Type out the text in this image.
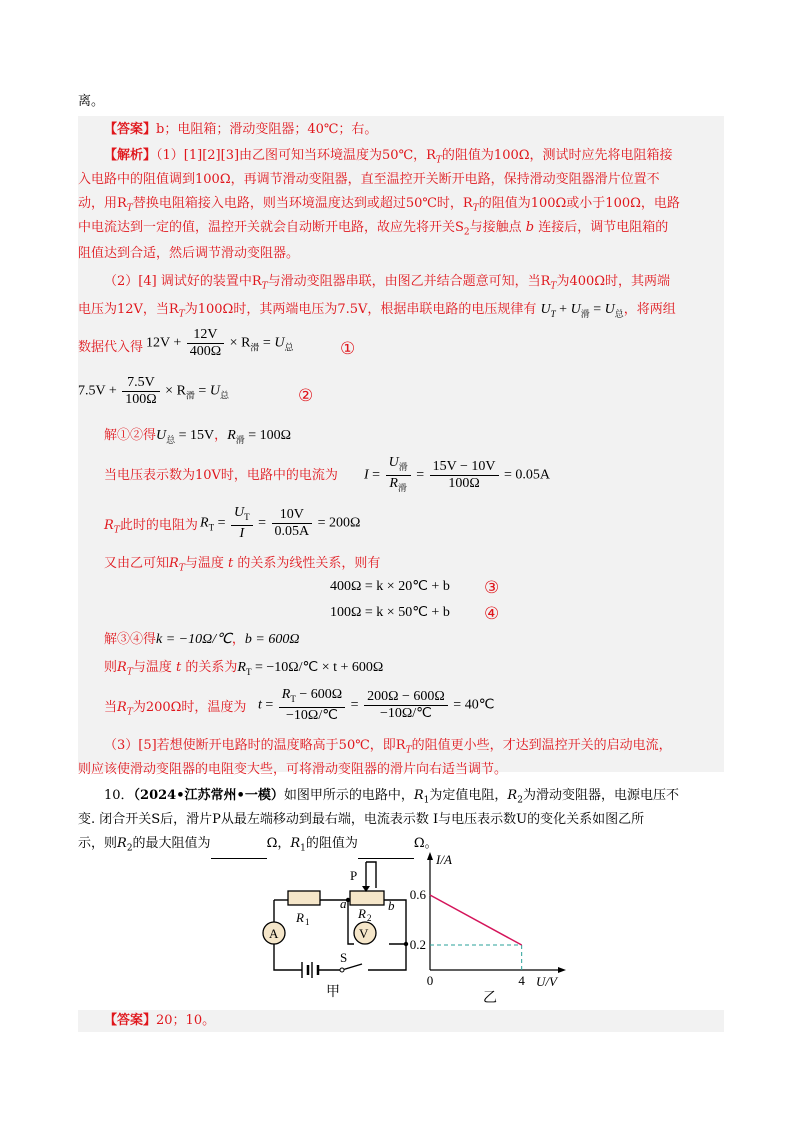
离。
【答案】b；电阻箱；滑动变阻器；40℃；右。
【解析】（1）[1][2][3]由乙图可知当环境温度为50℃，$R_T$的阻值为100Ω，测试时应先将电阻箱接
入电路中的阻值调到100Ω，再调节滑动变阻器，直至温控开关断开电路，保持滑动变阻器滑片位置不
动，用$R_T$替换电阻箱接入电路，则当环境温度达到或超过50℃时，$R_T$的阻值为100Ω或小于100Ω，电路
中电流达到一定的值，温控开关就会自动断开电路，故应先将开关$S_2$与接触点 b 连接后，调节电阻箱的
阻值达到合适，然后调节滑动变阻器。
（2）[4] 调试好的装置中$R_T$与滑动变阻器串联，由图乙并结合题意可知，当$R_T$为400Ω时，其两端
电压为12V，当$R_T$为100Ω时，其两端电压为7.5V，根据串联电路的电压规律有 $U_T + U_滑 = U_总$，将两组
数据代入得 $12V + \frac{12V}{400\Omega} \times R_滑 = U_总$	①
$7.5V + \frac{7.5V}{100\Omega} \times R_滑 = U_总$	②
解①②得$U_总 = 15V$，$R_滑 = 100\Omega$
当电压表示数为10V时，电路中的电流为 $I = \frac{U_滑}{R_滑} = \frac{15V - 10V}{100\Omega} = 0.05A$
$R_T$此时的电阻为 $R_T = \frac{U_T}{I} = \frac{10V}{0.05A} = 200\Omega$
又由乙可知$R_T$与温度 t 的关系为线性关系，则有
400Ω = k × 20℃ + b ③
100Ω = k × 50℃ + b ④
解③④得k = −10Ω/℃，b = 600Ω
则$R_T$与温度 t 的关系为$R_T$ = −10Ω/℃ × t + 600Ω
当$R_T$为200Ω时，温度为 $t = \frac{R_T - 600\Omega}{-10\Omega/℃} = \frac{200\Omega - 600\Omega}{-10\Omega/℃}$ = 40℃
（3）[5]若想使断开电路时的温度略高于50℃，即$R_T$的阻值更小些，才达到温控开关的启动电流，
则应该使滑动变阻器的电阻变大些，可将滑动变阻器的滑片向右适当调节。
10．（2024•江苏常州•一模）如图甲所示的电路中，$R_1$为定值电阻，$R_2$为滑动变阻器，电源电压不
变. 闭合开关S后，滑片P从最左端移动到最右端，电流表示数 I与电压表示数U的变化关系如图乙所
示，则$R_2$的最大阻值为	Ω，$R_1$的阻值为	Ω。
A	V
R 1
R 2
P
a	b
S
甲
0.6
0.2
0	4
I/A
U/V
乙
【答案】20；10。
